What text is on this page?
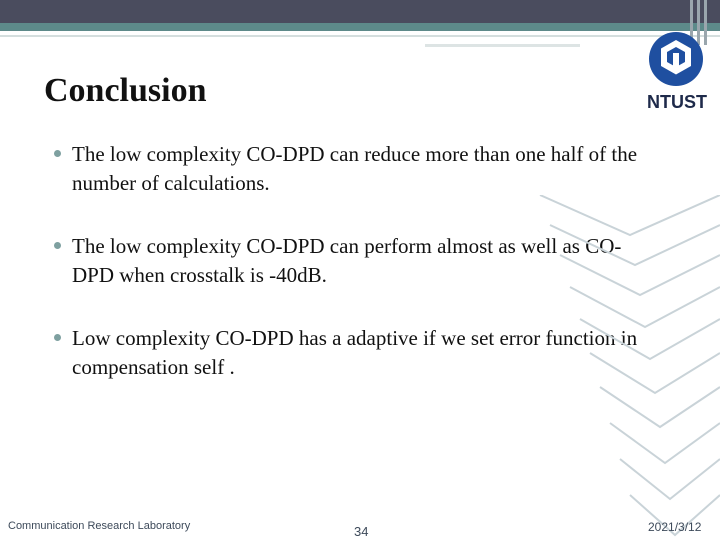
Conclusion	NTUST
The low complexity CO-DPD can reduce more than one half of the number of calculations.
The low complexity CO-DPD can perform almost as well as CO-DPD when crosstalk is -40dB.
Low complexity CO-DPD has a adaptive if we set error function in compensation self .
Communication Research Laboratory	34	2021/3/12
